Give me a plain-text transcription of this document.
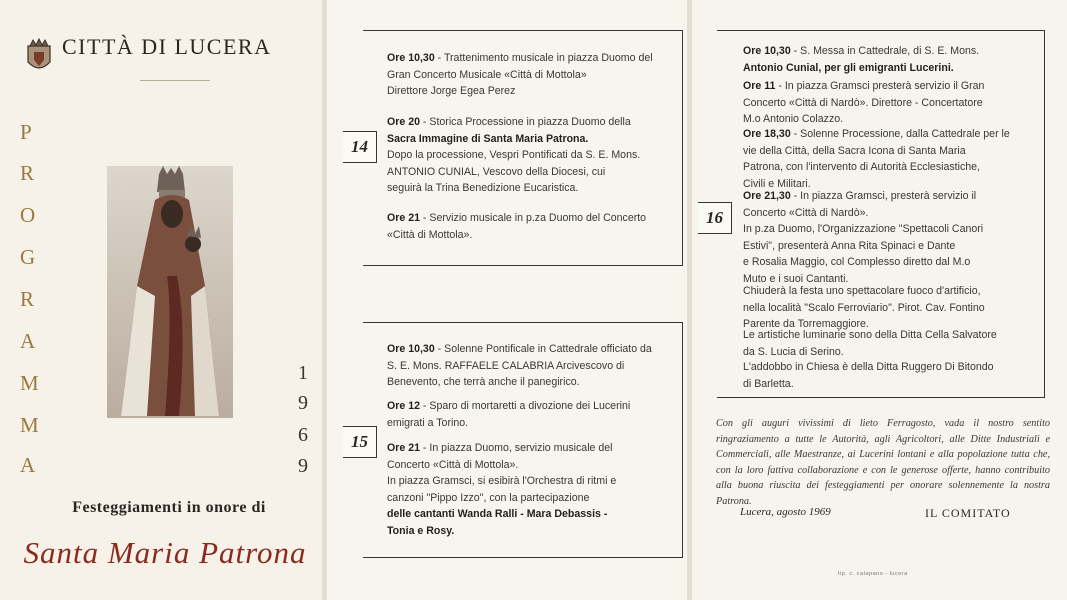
CITTÀ DI LUCERA
P
R
O
G
R
A
M
M
A
1
9
6
9
Festeggiamenti in onore di
Santa Maria Patrona
14
Ore 10,30 - Trattenimento musicale in piazza Duomo del
Gran Concerto Musicale «Città di Mottola»
Direttore Jorge Egea Perez
Ore 20 - Storica Processione in piazza Duomo della
Sacra Immagine di Santa Maria Patrona.
Dopo la processione, Vespri Pontificati da S. E. Mons.
ANTONIO CUNIAL, Vescovo della Diocesi, cui
seguirà la Trina Benedizione Eucaristica.
Ore 21 - Servizio musicale in p.za Duomo del Concerto
«Città di Mottola».
15
Ore 10,30 - Solenne Pontificale in Cattedrale officiato da
S. E. Mons. RAFFAELE CALABRIA Arcivescovo di
Benevento, che terrà anche il panegirico.
Ore 12 - Sparo di mortaretti a divozione dei Lucerini
emigrati a Torino.
Ore 21 - In piazza Duomo, servizio musicale del
Concerto «Città di Mottola».
In piazza Gramsci, si esibirà l'Orchestra di ritmi e
canzoni "Pippo Izzo", con la partecipazione
delle cantanti Wanda Ralli - Mara Debassis -
Tonia e Rosy.
16
Ore 10,30 - S. Messa in Cattedrale, di S. E. Mons.
Antonio Cunial, per gli emigranti Lucerini.
Ore 11 - In piazza Gramsci presterà servizio il Gran
Concerto «Città di Nardò». Direttore - Concertatore
M.o Antonio Colazzo.
Ore 18,30 - Solenne Processione, dalla Cattedrale per le
vie della Città, della Sacra Icona di Santa Maria
Patrona, con l'intervento di Autorità Ecclesiastiche,
Civili e Militari.
Ore 21,30 - In piazza Gramsci, presterà servizio il
Concerto «Città di Nardò».
In p.za Duomo, l'Organizzazione "Spettacoli Canori
Estivi", presenterà Anna Rita Spinaci e Dante
e Rosalia Maggio, col Complesso diretto dal M.o
Muto e i suoi Cantanti.
Chiuderà la festa uno spettacolare fuoco d'artificio,
nella località "Scalo Ferroviario". Pirot. Cav. Fontino
Parente da Torremaggiore.
Le artistiche luminarie sono della Ditta Cella Salvatore
da S. Lucia di Serino.
L'addobbo in Chiesa è della Ditta Ruggero Di Bitondo
di Barletta.
Con gli auguri vivissimi di lieto Ferragosto, vada il nostro sentito ringraziamento a tutte le Autorità, agli Agricoltori, alle Ditte Industriali e Commerciali, alle Maestranze, ai Lucerini lontani e alla popolazione tutta che, con la loro fattiva collaborazione e con le generose offerte, hanno contribuito alla buona riuscita dei festeggiamenti per onorare solennemente la nostra Patrona.
Lucera, agosto 1969	IL COMITATO
tip. c. catapano - lucera
